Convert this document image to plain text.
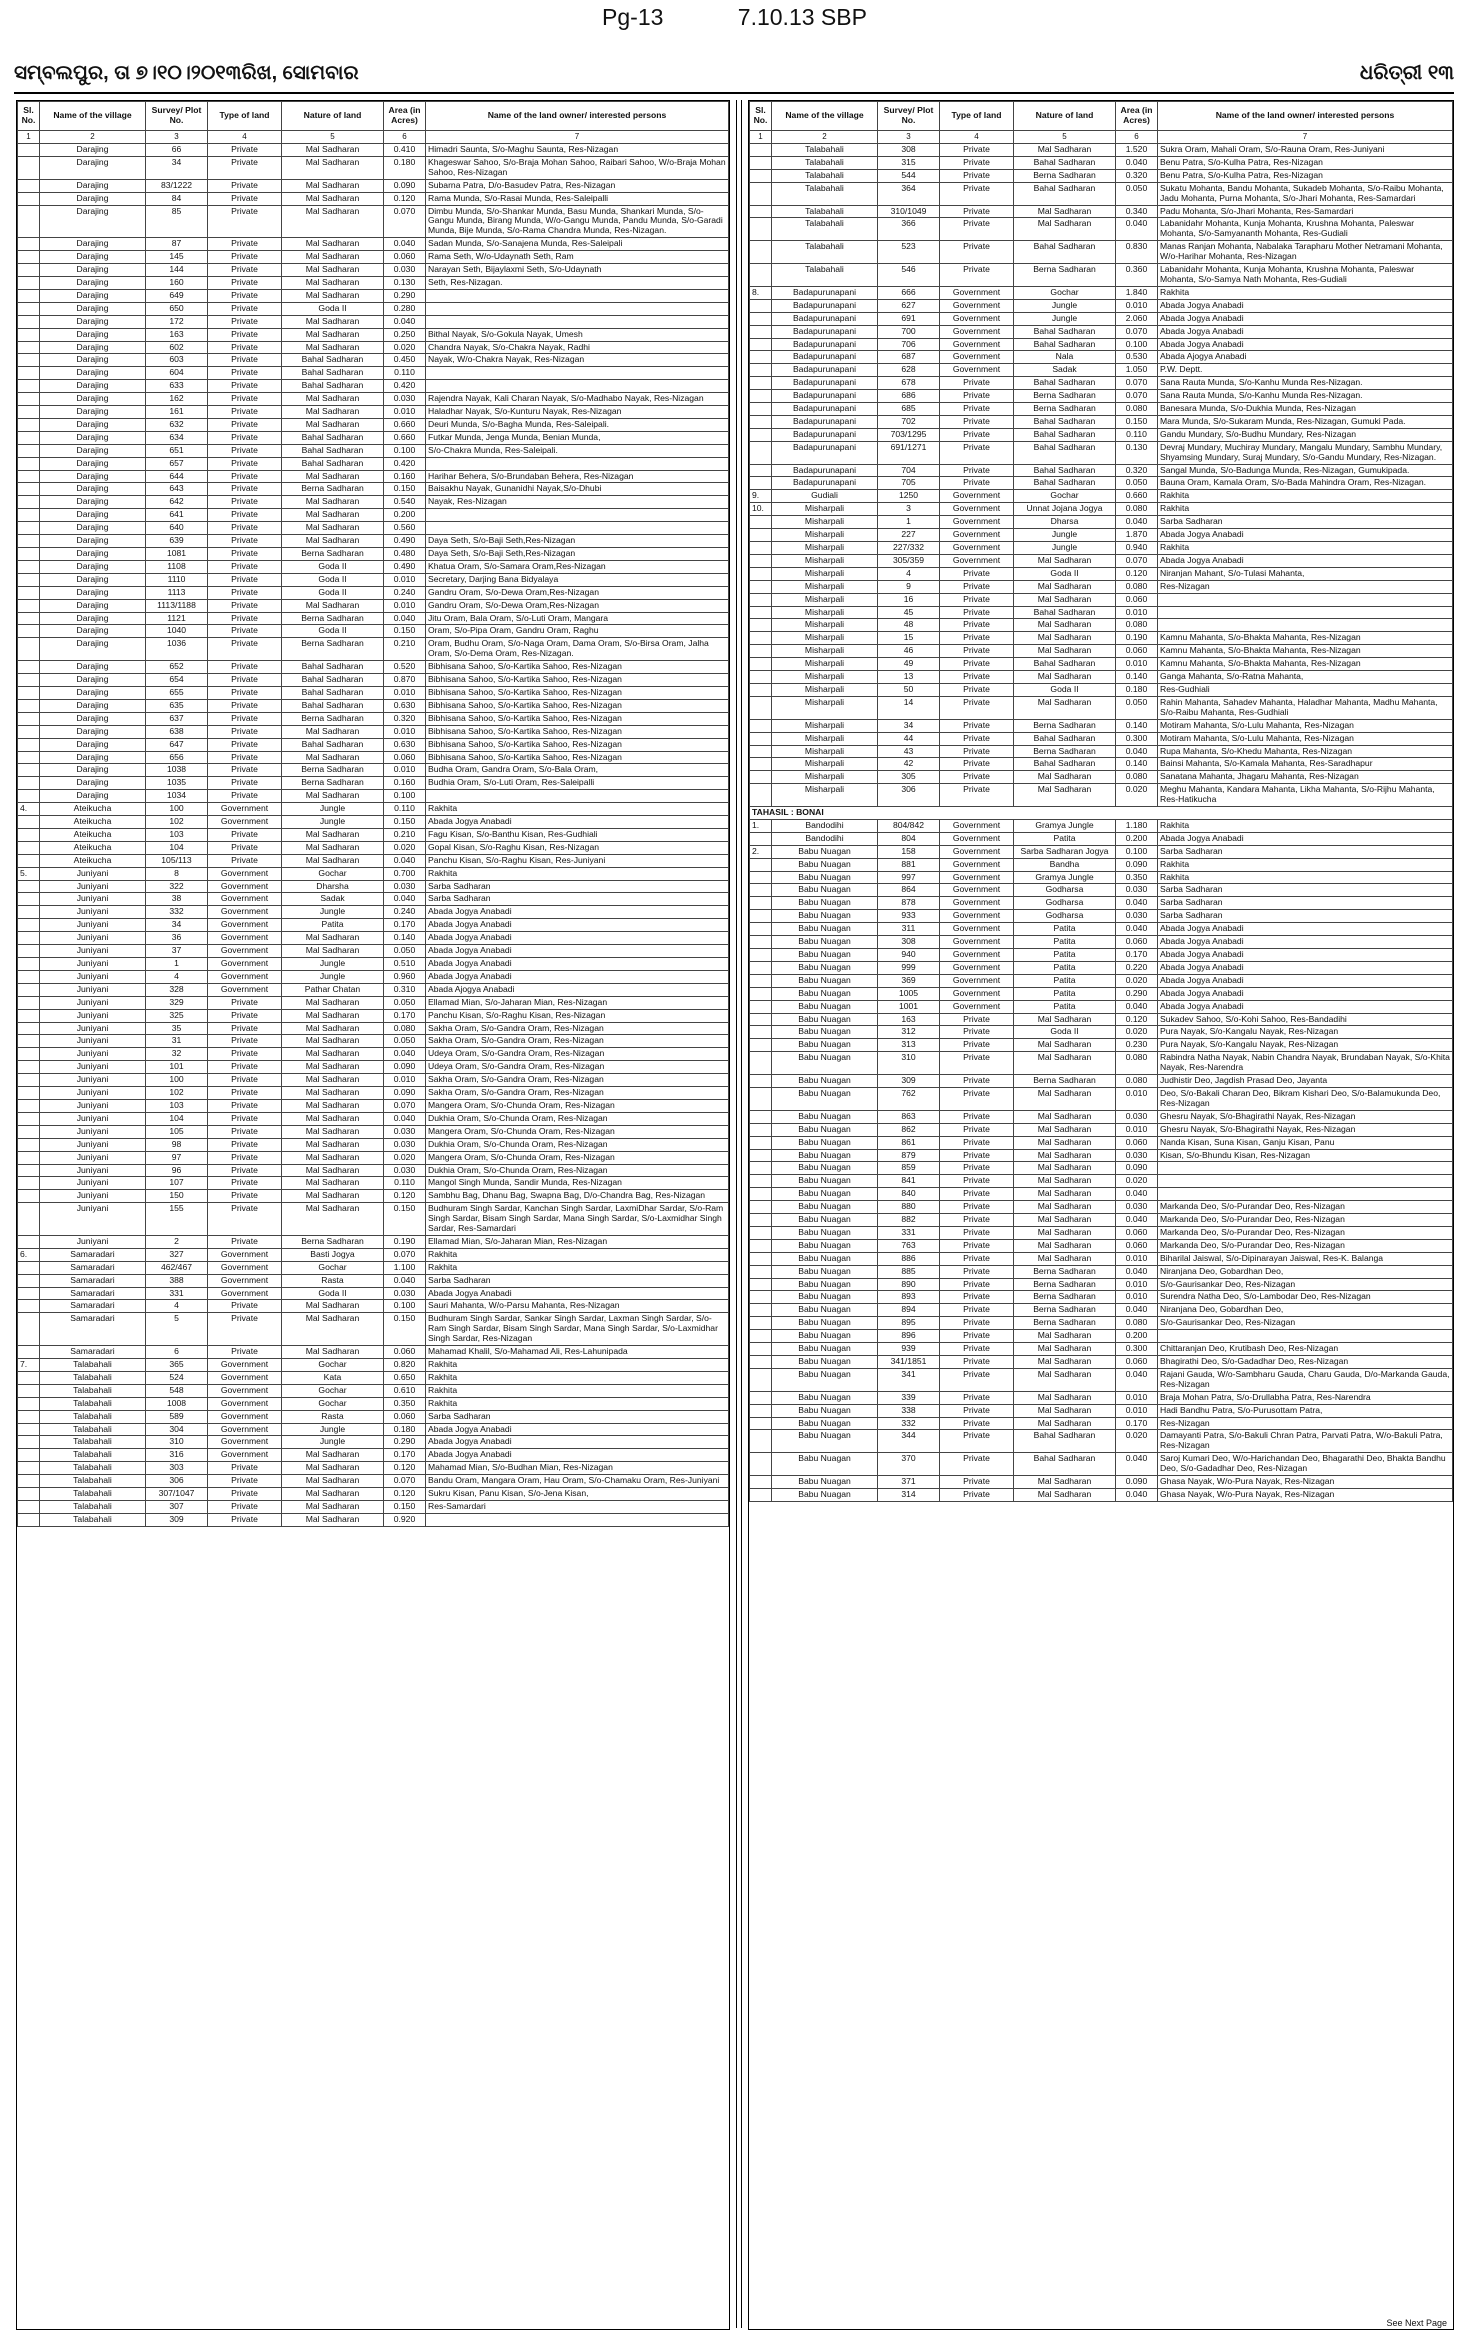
Pg-13	7.10.13 SBP
ସମ୍ବଲପୁର, ତା ୭।୧୦।୨୦୧୩ରିଖ, ସୋମବାର	ଧରିତ୍ରୀ ୧୩
Sl. No.	Name of the village	Survey/ Plot No.	Type of land	Nature of land	Area (in Acres)	Name of the land owner/ interested persons
1	2	3	4	5	6	7
	Darajing	66	Private	Mal Sadharan	0.410	Himadri Saunta, S/o-Maghu Saunta, Res-Nizagan
	Darajing	34	Private	Mal Sadharan	0.180	Khageswar Sahoo, S/o-Braja Mohan Sahoo, Raibari Sahoo, W/o-Braja Mohan Sahoo, Res-Nizagan
	Darajing	83/1222	Private	Mal Sadharan	0.090	Subarna Patra, D/o-Basudev Patra, Res-Nizagan
	Darajing	84	Private	Mal Sadharan	0.120	Rama Munda, S/o-Rasai Munda, Res-Saleipalli
	Darajing	85	Private	Mal Sadharan	0.070	Dimbu Munda, S/o-Shankar Munda, Basu Munda, Shankari Munda, S/o-Gangu Munda, Birang Munda, W/o-Gangu Munda, Pandu Munda, S/o-Garadi Munda, Bije Munda, S/o-Rama Chandra Munda, Res-Nizagan.
	Darajing	87	Private	Mal Sadharan	0.040	Sadan Munda, S/o-Sanajena Munda, Res-Saleipali
	Darajing	145	Private	Mal Sadharan	0.060	Rama Seth, W/o-Udaynath Seth, Ram
	Darajing	144	Private	Mal Sadharan	0.030	Narayan Seth, Bijaylaxmi Seth, S/o-Udaynath
	Darajing	160	Private	Mal Sadharan	0.130	Seth, Res-Nizagan.
	Darajing	649	Private	Mal Sadharan	0.290	
	Darajing	650	Private	Goda II	0.280	
	Darajing	172	Private	Mal Sadharan	0.040	
	Darajing	163	Private	Mal Sadharan	0.250	Bithal Nayak, S/o-Gokula Nayak, Umesh
	Darajing	602	Private	Mal Sadharan	0.020	Chandra Nayak, S/o-Chakra Nayak, Radhi
	Darajing	603	Private	Bahal Sadharan	0.450	Nayak, W/o-Chakra Nayak, Res-Nizagan
	Darajing	604	Private	Bahal Sadharan	0.110	
	Darajing	633	Private	Bahal Sadharan	0.420	
	Darajing	162	Private	Mal Sadharan	0.030	Rajendra Nayak, Kali Charan Nayak, S/o-Madhabo Nayak, Res-Nizagan
	Darajing	161	Private	Mal Sadharan	0.010	Haladhar Nayak, S/o-Kunturu Nayak, Res-Nizagan
	Darajing	632	Private	Mal Sadharan	0.660	Deuri Munda, S/o-Bagha Munda, Res-Saleipali.
	Darajing	634	Private	Bahal Sadharan	0.660	Futkar Munda, Jenga Munda, Benian Munda,
	Darajing	651	Private	Bahal Sadharan	0.100	S/o-Chakra Munda, Res-Saleipali.
	Darajing	657	Private	Bahal Sadharan	0.420	
	Darajing	644	Private	Mal Sadharan	0.160	Harihar Behera, S/o-Brundaban Behera, Res-Nizagan
	Darajing	643	Private	Berna Sadharan	0.150	Baisakhu Nayak, Gunanidhi Nayak,S/o-Dhubi
	Darajing	642	Private	Mal Sadharan	0.540	Nayak, Res-Nizagan
	Darajing	641	Private	Mal Sadharan	0.200	
	Darajing	640	Private	Mal Sadharan	0.560	
	Darajing	639	Private	Mal Sadharan	0.490	Daya Seth, S/o-Baji Seth,Res-Nizagan
	Darajing	1081	Private	Berna Sadharan	0.480	Daya Seth, S/o-Baji Seth,Res-Nizagan
	Darajing	1108	Private	Goda II	0.490	Khatua Oram, S/o-Samara Oram,Res-Nizagan
	Darajing	1110	Private	Goda II	0.010	Secretary, Darjing Bana Bidyalaya
	Darajing	1113	Private	Goda II	0.240	Gandru Oram, S/o-Dewa Oram,Res-Nizagan
	Darajing	1113/1188	Private	Mal Sadharan	0.010	Gandru Oram, S/o-Dewa Oram,Res-Nizagan
	Darajing	1121	Private	Berna Sadharan	0.040	Jitu Oram, Bala Oram, S/o-Luti Oram, Mangara
	Darajing	1040	Private	Goda II	0.150	Oram, S/o-Pipa Oram, Gandru Oram, Raghu
	Darajing	1036	Private	Berna Sadharan	0.210	Oram, Budhu Oram, S/o-Naga Oram, Dama Oram, S/o-Birsa Oram, Jalha Oram, S/o-Dema Oram, Res-Nizagan.
	Darajing	652	Private	Bahal Sadharan	0.520	Bibhisana Sahoo, S/o-Kartika Sahoo, Res-Nizagan
	Darajing	654	Private	Bahal Sadharan	0.870	Bibhisana Sahoo, S/o-Kartika Sahoo, Res-Nizagan
	Darajing	655	Private	Bahal Sadharan	0.010	Bibhisana Sahoo, S/o-Kartika Sahoo, Res-Nizagan
	Darajing	635	Private	Bahal Sadharan	0.630	Bibhisana Sahoo, S/o-Kartika Sahoo, Res-Nizagan
	Darajing	637	Private	Berna Sadharan	0.320	Bibhisana Sahoo, S/o-Kartika Sahoo, Res-Nizagan
	Darajing	638	Private	Mal Sadharan	0.010	Bibhisana Sahoo, S/o-Kartika Sahoo, Res-Nizagan
	Darajing	647	Private	Bahal Sadharan	0.630	Bibhisana Sahoo, S/o-Kartika Sahoo, Res-Nizagan
	Darajing	656	Private	Mal Sadharan	0.060	Bibhisana Sahoo, S/o-Kartika Sahoo, Res-Nizagan
	Darajing	1038	Private	Berna Sadharan	0.010	Budha Oram, Gandra Oram, S/o-Bala Oram,
	Darajing	1035	Private	Berna Sadharan	0.160	Budhia Oram, S/o-Luti Oram, Res-Saleipalli
	Darajing	1034	Private	Mal Sadharan	0.100	
4.	Ateikucha	100	Government	Jungle	0.110	Rakhita
	Ateikucha	102	Government	Jungle	0.150	Abada Jogya Anabadi
	Ateikucha	103	Private	Mal Sadharan	0.210	Fagu Kisan, S/o-Banthu Kisan, Res-Gudhiali
	Ateikucha	104	Private	Mal Sadharan	0.020	Gopal Kisan, S/o-Raghu Kisan, Res-Nizagan
	Ateikucha	105/113	Private	Mal Sadharan	0.040	Panchu Kisan, S/o-Raghu Kisan, Res-Juniyani
5.	Juniyani	8	Government	Gochar	0.700	Rakhita
	Juniyani	322	Government	Dharsha	0.030	Sarba Sadharan
	Juniyani	38	Government	Sadak	0.040	Sarba Sadharan
	Juniyani	332	Government	Jungle	0.240	Abada Jogya Anabadi
	Juniyani	34	Government	Patita	0.170	Abada Jogya Anabadi
	Juniyani	36	Government	Mal Sadharan	0.140	Abada Jogya Anabadi
	Juniyani	37	Government	Mal Sadharan	0.050	Abada Jogya Anabadi
	Juniyani	1	Government	Jungle	0.510	Abada Jogya Anabadi
	Juniyani	4	Government	Jungle	0.960	Abada Jogya Anabadi
	Juniyani	328	Government	Pathar Chatan	0.310	Abada Ajogya Anabadi
	Juniyani	329	Private	Mal Sadharan	0.050	Ellamad Mian, S/o-Jaharan Mian, Res-Nizagan
	Juniyani	325	Private	Mal Sadharan	0.170	Panchu Kisan, S/o-Raghu Kisan, Res-Nizagan
	Juniyani	35	Private	Mal Sadharan	0.080	Sakha Oram, S/o-Gandra Oram, Res-Nizagan
	Juniyani	31	Private	Mal Sadharan	0.050	Sakha Oram, S/o-Gandra Oram, Res-Nizagan
	Juniyani	32	Private	Mal Sadharan	0.040	Udeya Oram, S/o-Gandra Oram, Res-Nizagan
	Juniyani	101	Private	Mal Sadharan	0.090	Udeya Oram, S/o-Gandra Oram, Res-Nizagan
	Juniyani	100	Private	Mal Sadharan	0.010	Sakha Oram, S/o-Gandra Oram, Res-Nizagan
	Juniyani	102	Private	Mal Sadharan	0.090	Sakha Oram, S/o-Gandra Oram, Res-Nizagan
	Juniyani	103	Private	Mal Sadharan	0.070	Mangera Oram, S/o-Chunda Oram, Res-Nizagan
	Juniyani	104	Private	Mal Sadharan	0.040	Dukhia Oram, S/o-Chunda Oram, Res-Nizagan
	Juniyani	105	Private	Mal Sadharan	0.030	Mangera Oram, S/o-Chunda Oram, Res-Nizagan
	Juniyani	98	Private	Mal Sadharan	0.030	Dukhia Oram, S/o-Chunda Oram, Res-Nizagan
	Juniyani	97	Private	Mal Sadharan	0.020	Mangera Oram, S/o-Chunda Oram, Res-Nizagan
	Juniyani	96	Private	Mal Sadharan	0.030	Dukhia Oram, S/o-Chunda Oram, Res-Nizagan
	Juniyani	107	Private	Mal Sadharan	0.110	Mangol Singh Munda, Sandir Munda, Res-Nizagan
	Juniyani	150	Private	Mal Sadharan	0.120	Sambhu Bag, Dhanu Bag, Swapna Bag, D/o-Chandra Bag, Res-Nizagan
	Juniyani	155	Private	Mal Sadharan	0.150	Budhuram Singh Sardar, Kanchan Singh Sardar, LaxmiDhar Sardar, S/o-Ram Singh Sardar, Bisam Singh Sardar, Mana Singh Sardar, S/o-Laxmidhar Singh Sardar, Res-Samardari
	Juniyani	2	Private	Berna Sadharan	0.190	Ellamad Mian, S/o-Jaharan Mian, Res-Nizagan
6.	Samaradari	327	Government	Basti Jogya	0.070	Rakhita
	Samaradari	462/467	Government	Gochar	1.100	Rakhita
	Samaradari	388	Government	Rasta	0.040	Sarba Sadharan
	Samaradari	331	Government	Goda II	0.030	Abada Jogya Anabadi
	Samaradari	4	Private	Mal Sadharan	0.100	Sauri Mahanta, W/o-Parsu Mahanta, Res-Nizagan
	Samaradari	5	Private	Mal Sadharan	0.150	Budhuram Singh Sardar, Sankar Singh Sardar, Laxman Singh Sardar, S/o-Ram Singh Sardar, Bisam Singh Sardar, Mana Singh Sardar, S/o-Laxmidhar Singh Sardar, Res-Nizagan
	Samaradari	6	Private	Mal Sadharan	0.060	Mahamad Khalil, S/o-Mahamad Ali, Res-Lahunipada
7.	Talabahali	365	Government	Gochar	0.820	Rakhita
	Talabahali	524	Government	Kata	0.650	Rakhita
	Talabahali	548	Government	Gochar	0.610	Rakhita
	Talabahali	1008	Government	Gochar	0.350	Rakhita
	Talabahali	589	Government	Rasta	0.060	Sarba Sadharan
	Talabahali	304	Government	Jungle	0.180	Abada Jogya Anabadi
	Talabahali	310	Government	Jungle	0.290	Abada Jogya Anabadi
	Talabahali	316	Government	Mal Sadharan	0.170	Abada Jogya Anabadi
	Talabahali	303	Private	Mal Sadharan	0.120	Mahamad Mian, S/o-Budhan Mian, Res-Nizagan
	Talabahali	306	Private	Mal Sadharan	0.070	Bandu Oram, Mangara Oram, Hau Oram, S/o-Chamaku Oram, Res-Juniyani
	Talabahali	307/1047	Private	Mal Sadharan	0.120	Sukru Kisan, Panu Kisan, S/o-Jena Kisan,
	Talabahali	307	Private	Mal Sadharan	0.150	Res-Samardari
	Talabahali	309	Private	Mal Sadharan	0.920	
Sl. No.	Name of the village	Survey/ Plot No.	Type of land	Nature of land	Area (in Acres)	Name of the land owner/ interested persons
1	2	3	4	5	6	7
	Talabahali	308	Private	Mal Sadharan	1.520	Sukra Oram, Mahali Oram, S/o-Rauna Oram, Res-Juniyani
	Talabahali	315	Private	Bahal Sadharan	0.040	Benu Patra, S/o-Kulha Patra, Res-Nizagan
	Talabahali	544	Private	Berna Sadharan	0.320	Benu Patra, S/o-Kulha Patra, Res-Nizagan
	Talabahali	364	Private	Bahal Sadharan	0.050	Sukatu Mohanta, Bandu Mohanta, Sukadeb Mohanta, S/o-Raibu Mohanta, Jadu Mohanta, Purna Mohanta, S/o-Jhari Mohanta, Res-Samardari
	Talabahali	310/1049	Private	Mal Sadharan	0.340	Padu Mohanta, S/o-Jhari Mohanta, Res-Samardari
	Talabahali	366	Private	Mal Sadharan	0.040	Labanidahr Mohanta, Kunja Mohanta, Krushna Mohanta, Paleswar Mohanta, S/o-Samyananth Mohanta, Res-Gudiali
	Talabahali	523	Private	Bahal Sadharan	0.830	Manas Ranjan Mohanta, Nabalaka Tarapharu Mother Netramani Mohanta, W/o-Harihar Mohanta, Res-Nizagan
	Talabahali	546	Private	Berna Sadharan	0.360	Labanidahr Mohanta, Kunja Mohanta, Krushna Mohanta, Paleswar Mohanta, S/o-Samya Nath Mohanta, Res-Gudiali
8.	Badapurunapani	666	Government	Gochar	1.840	Rakhita
	Badapurunapani	627	Government	Jungle	0.010	Abada Jogya Anabadi
	Badapurunapani	691	Government	Jungle	2.060	Abada Jogya Anabadi
	Badapurunapani	700	Government	Bahal Sadharan	0.070	Abada Jogya Anabadi
	Badapurunapani	706	Government	Bahal Sadharan	0.100	Abada Jogya Anabadi
	Badapurunapani	687	Government	Nala	0.530	Abada Ajogya Anabadi
	Badapurunapani	628	Government	Sadak	1.050	P.W. Deptt.
	Badapurunapani	678	Private	Bahal Sadharan	0.070	Sana Rauta Munda, S/o-Kanhu Munda Res-Nizagan.
	Badapurunapani	686	Private	Berna Sadharan	0.070	Sana Rauta Munda, S/o-Kanhu Munda Res-Nizagan.
	Badapurunapani	685	Private	Berna Sadharan	0.080	Banesara Munda, S/o-Dukhia Munda, Res-Nizagan
	Badapurunapani	702	Private	Bahal Sadharan	0.150	Mara Munda, S/o-Sukaram Munda, Res-Nizagan, Gumuki Pada.
	Badapurunapani	703/1295	Private	Bahal Sadharan	0.110	Gandu Mundary, S/o-Budhu Mundary, Res-Nizagan
	Badapurunapani	691/1271	Private	Bahal Sadharan	0.130	Devraj Mundary, Muchiray Mundary, Mangalu Mundary, Sambhu Mundary, Shyamsing Mundary, Suraj Mundary, S/o-Gandu Mundary, Res-Nizagan.
	Badapurunapani	704	Private	Bahal Sadharan	0.320	Sangal Munda, S/o-Badunga Munda, Res-Nizagan, Gumukipada.
	Badapurunapani	705	Private	Bahal Sadharan	0.050	Bauna Oram, Kamala Oram, S/o-Bada Mahindra Oram, Res-Nizagan.
9.	Gudiali	1250	Government	Gochar	0.660	Rakhita
10.	Misharpali	3	Government	Unnat Jojana Jogya	0.080	Rakhita
	Misharpali	1	Government	Dharsa	0.040	Sarba Sadharan
	Misharpali	227	Government	Jungle	1.870	Abada Jogya Anabadi
	Misharpali	227/332	Government	Jungle	0.940	Rakhita
	Misharpali	305/359	Government	Mal Sadharan	0.070	Abada Jogya Anabadi
	Misharpali	4	Private	Goda II	0.120	Niranjan Mahant, S/o-Tulasi Mahanta,
	Misharpali	9	Private	Mal Sadharan	0.080	Res-Nizagan
	Misharpali	16	Private	Mal Sadharan	0.060	
	Misharpali	45	Private	Bahal Sadharan	0.010	
	Misharpali	48	Private	Mal Sadharan	0.080	
	Misharpali	15	Private	Mal Sadharan	0.190	Kamnu Mahanta, S/o-Bhakta Mahanta, Res-Nizagan
	Misharpali	46	Private	Mal Sadharan	0.060	Kamnu Mahanta, S/o-Bhakta Mahanta, Res-Nizagan
	Misharpali	49	Private	Bahal Sadharan	0.010	Kamnu Mahanta, S/o-Bhakta Mahanta, Res-Nizagan
	Misharpali	13	Private	Mal Sadharan	0.140	Ganga Mahanta, S/o-Ratna Mahanta,
	Misharpali	50	Private	Goda II	0.180	Res-Gudhiali
	Misharpali	14	Private	Mal Sadharan	0.050	Rahin Mahanta, Sahadev Mahanta, Haladhar Mahanta, Madhu Mahanta, S/o-Raibu Mahanta, Res-Gudhiali
	Misharpali	34	Private	Berna Sadharan	0.140	Motiram Mahanta, S/o-Lulu Mahanta, Res-Nizagan
	Misharpali	44	Private	Bahal Sadharan	0.300	Motiram Mahanta, S/o-Lulu Mahanta, Res-Nizagan
	Misharpali	43	Private	Berna Sadharan	0.040	Rupa Mahanta, S/o-Khedu Mahanta, Res-Nizagan
	Misharpali	42	Private	Bahal Sadharan	0.140	Bainsi Mahanta, S/o-Kamala Mahanta, Res-Saradhapur
	Misharpali	305	Private	Mal Sadharan	0.080	Sanatana Mahanta, Jhagaru Mahanta, Res-Nizagan
	Misharpali	306	Private	Mal Sadharan	0.020	Meghu Mahanta, Kandara Mahanta, Likha Mahanta, S/o-Rijhu Mahanta, Res-Hatikucha
TAHASIL : BONAI						
1.	Bandodihi	804/842	Government	Gramya Jungle	1.180	Rakhita
	Bandodihi	804	Government	Patita	0.200	Abada Jogya Anabadi
2.	Babu Nuagan	158	Government	Sarba Sadharan Jogya	0.100	Sarba Sadharan
	Babu Nuagan	881	Government	Bandha	0.090	Rakhita
	Babu Nuagan	997	Government	Gramya Jungle	0.350	Rakhita
	Babu Nuagan	864	Government	Godharsa	0.030	Sarba Sadharan
	Babu Nuagan	878	Government	Godharsa	0.040	Sarba Sadharan
	Babu Nuagan	933	Government	Godharsa	0.030	Sarba Sadharan
	Babu Nuagan	311	Government	Patita	0.040	Abada Jogya Anabadi
	Babu Nuagan	308	Government	Patita	0.060	Abada Jogya Anabadi
	Babu Nuagan	940	Government	Patita	0.170	Abada Jogya Anabadi
	Babu Nuagan	999	Government	Patita	0.220	Abada Jogya Anabadi
	Babu Nuagan	369	Government	Patita	0.020	Abada Jogya Anabadi
	Babu Nuagan	1005	Government	Patita	0.290	Abada Jogya Anabadi
	Babu Nuagan	1001	Government	Patita	0.040	Abada Jogya Anabadi
	Babu Nuagan	163	Private	Mal Sadharan	0.120	Sukadev Sahoo, S/o-Kohi Sahoo, Res-Bandadihi
	Babu Nuagan	312	Private	Goda II	0.020	Pura Nayak, S/o-Kangalu Nayak, Res-Nizagan
	Babu Nuagan	313	Private	Mal Sadharan	0.230	Pura Nayak, S/o-Kangalu Nayak, Res-Nizagan
	Babu Nuagan	310	Private	Mal Sadharan	0.080	Rabindra Natha Nayak, Nabin Chandra Nayak, Brundaban Nayak, S/o-Khita Nayak, Res-Narendra
	Babu Nuagan	309	Private	Berna Sadharan	0.080	Judhistir Deo, Jagdish Prasad Deo, Jayanta
	Babu Nuagan	762	Private	Mal Sadharan	0.010	Deo, S/o-Bakali Charan Deo, Bikram Kishari Deo, S/o-Balamukunda Deo, Res-Nizagan
	Babu Nuagan	863	Private	Mal Sadharan	0.030	Ghesru Nayak, S/o-Bhagirathi Nayak, Res-Nizagan
	Babu Nuagan	862	Private	Mal Sadharan	0.010	Ghesru Nayak, S/o-Bhagirathi Nayak, Res-Nizagan
	Babu Nuagan	861	Private	Mal Sadharan	0.060	Nanda Kisan, Suna Kisan, Ganju Kisan, Panu
	Babu Nuagan	879	Private	Mal Sadharan	0.030	Kisan, S/o-Bhundu Kisan, Res-Nizagan
	Babu Nuagan	859	Private	Mal Sadharan	0.090	
	Babu Nuagan	841	Private	Mal Sadharan	0.020	
	Babu Nuagan	840	Private	Mal Sadharan	0.040	
	Babu Nuagan	880	Private	Mal Sadharan	0.030	Markanda Deo, S/o-Purandar Deo, Res-Nizagan
	Babu Nuagan	882	Private	Mal Sadharan	0.040	Markanda Deo, S/o-Purandar Deo, Res-Nizagan
	Babu Nuagan	331	Private	Mal Sadharan	0.060	Markanda Deo, S/o-Purandar Deo, Res-Nizagan
	Babu Nuagan	763	Private	Mal Sadharan	0.060	Markanda Deo, S/o-Purandar Deo, Res-Nizagan
	Babu Nuagan	886	Private	Mal Sadharan	0.010	Biharilal Jaiswal, S/o-Dipinarayan Jaiswal, Res-K. Balanga
	Babu Nuagan	885	Private	Berna Sadharan	0.040	Niranjana Deo, Gobardhan Deo,
	Babu Nuagan	890	Private	Berna Sadharan	0.010	S/o-Gaurisankar Deo, Res-Nizagan
	Babu Nuagan	893	Private	Berna Sadharan	0.010	Surendra Natha Deo, S/o-Lambodar Deo, Res-Nizagan
	Babu Nuagan	894	Private	Berna Sadharan	0.040	Niranjana Deo, Gobardhan Deo,
	Babu Nuagan	895	Private	Berna Sadharan	0.080	S/o-Gaurisankar Deo, Res-Nizagan
	Babu Nuagan	896	Private	Mal Sadharan	0.200	
	Babu Nuagan	939	Private	Mal Sadharan	0.300	Chittaranjan Deo, Krutibash Deo, Res-Nizagan
	Babu Nuagan	341/1851	Private	Mal Sadharan	0.060	Bhagirathi Deo, S/o-Gadadhar Deo, Res-Nizagan
	Babu Nuagan	341	Private	Mal Sadharan	0.040	Rajani Gauda, W/o-Sambharu Gauda, Charu Gauda, D/o-Markanda Gauda, Res-Nizagan
	Babu Nuagan	339	Private	Mal Sadharan	0.010	Braja Mohan Patra, S/o-Drullabha Patra, Res-Narendra
	Babu Nuagan	338	Private	Mal Sadharan	0.010	Hadi Bandhu Patra, S/o-Purusottam Patra,
	Babu Nuagan	332	Private	Mal Sadharan	0.170	Res-Nizagan
	Babu Nuagan	344	Private	Bahal Sadharan	0.020	Damayanti Patra, S/o-Bakuli Chran Patra, Parvati Patra, W/o-Bakuli Patra, Res-Nizagan
	Babu Nuagan	370	Private	Bahal Sadharan	0.040	Saroj Kumari Deo, W/o-Harichandan Deo, Bhagarathi Deo, Bhakta Bandhu Deo, S/o-Gadadhar Deo, Res-Nizagan
	Babu Nuagan	371	Private	Mal Sadharan	0.090	Ghasa Nayak, W/o-Pura Nayak, Res-Nizagan
	Babu Nuagan	314	Private	Mal Sadharan	0.040	Ghasa Nayak, W/o-Pura Nayak, Res-Nizagan
See Next Page
